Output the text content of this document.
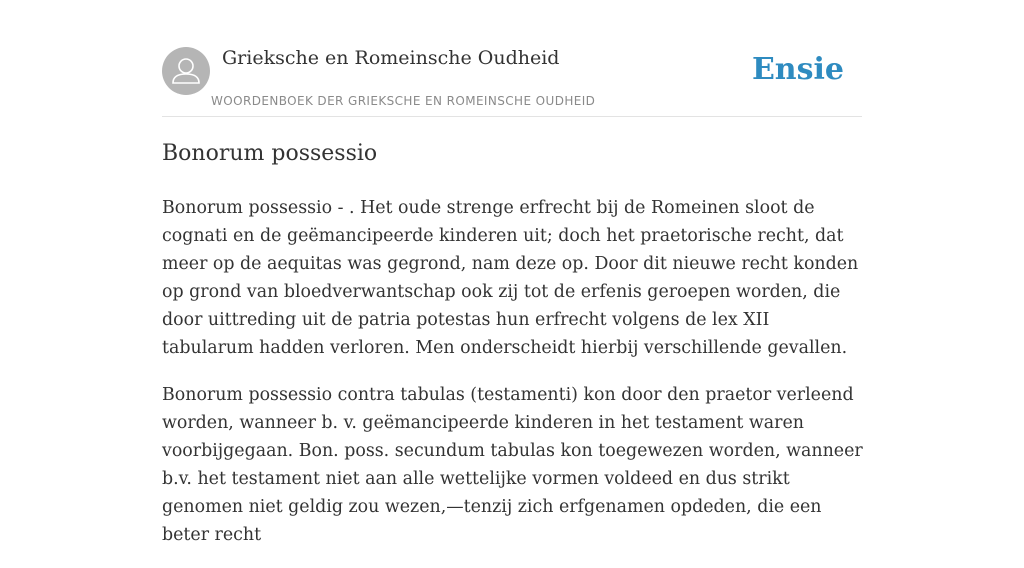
Grieksche en Romeinsche Oudheid
WOORDENBOEK DER GRIEKSCHE EN ROMEINSCHE OUDHEID
Ensie
Bonorum possessio

Bonorum possessio - . Het oude strenge erfrecht bij de Romeinen sloot de cognati en de geëmancipeerde kinderen uit; doch het praetorische recht, dat meer op de aequitas was gegrond, nam deze op. Door dit nieuwe recht konden op grond van bloedverwantschap ook zij tot de erfenis geroepen worden, die door uittreding uit de patria potestas hun erfrecht volgens de lex XII tabularum hadden verloren. Men onderscheidt hierbij verschillende gevallen.

Bonorum possessio contra tabulas (testamenti) kon door den praetor verleend worden, wanneer b. v. geëmancipeerde kinderen in het testament waren voorbijgegaan. Bon. poss. secundum tabulas kon toegewezen worden, wanneer b.v. het testament niet aan alle wettelijke vormen voldeed en dus strikt genomen niet geldig zou wezen,—tenzij zich erfgenamen opdeden, die een beter recht
